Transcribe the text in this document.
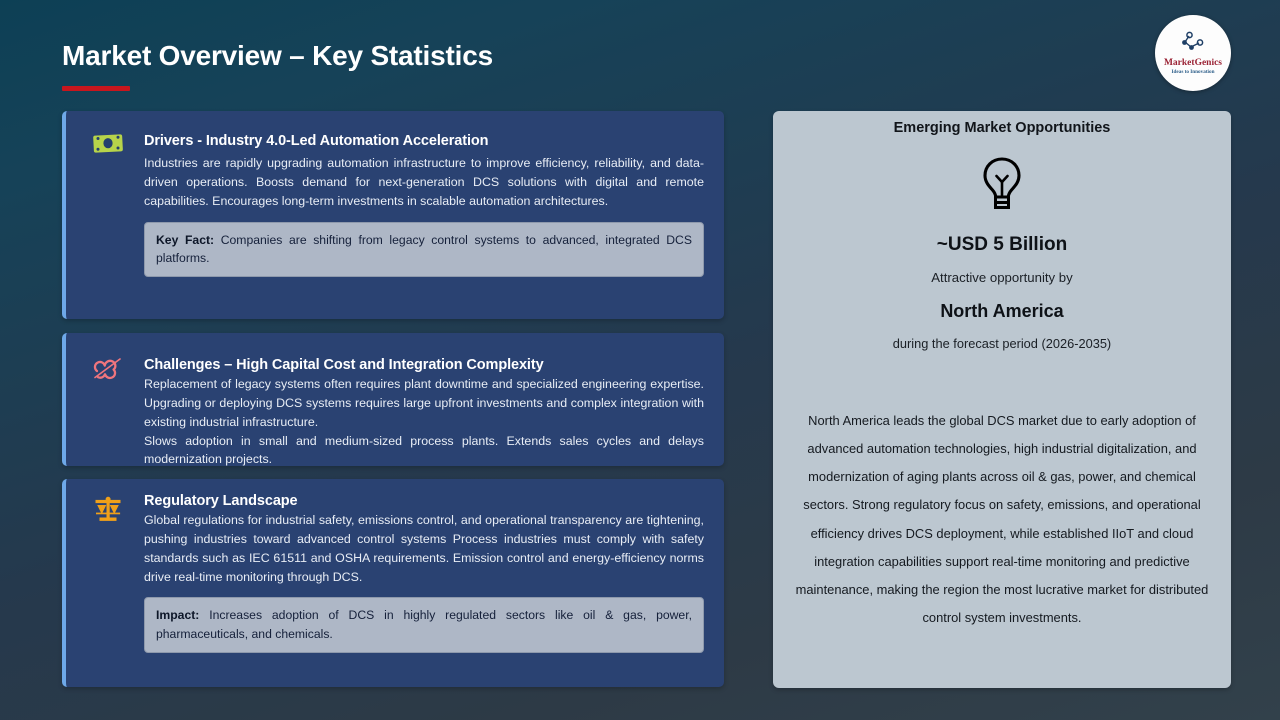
Market Overview – Key Statistics	MarketGenics
Ideas to Innovation
Drivers - Industry 4.0-Led Automation Acceleration
Industries are rapidly upgrading automation infrastructure to improve efficiency, reliability, and data-driven operations. Boosts demand for next-generation DCS solutions with digital and remote capabilities. Encourages long-term investments in scalable automation architectures.
Key Fact: Companies are shifting from legacy control systems to advanced, integrated DCS platforms.
Challenges – High Capital Cost and Integration Complexity
Replacement of legacy systems often requires plant downtime and specialized engineering expertise. Upgrading or deploying DCS systems requires large upfront investments and complex integration with existing industrial infrastructure.
Slows adoption in small and medium-sized process plants. Extends sales cycles and delays modernization projects.
Regulatory Landscape
Global regulations for industrial safety, emissions control, and operational transparency are tightening, pushing industries toward advanced control systems Process industries must comply with safety standards such as IEC 61511 and OSHA requirements. Emission control and energy-efficiency norms drive real-time monitoring through DCS.
Impact: Increases adoption of DCS in highly regulated sectors like oil & gas, power, pharmaceuticals, and chemicals.
Emerging Market Opportunities
~USD 5 Billion
Attractive opportunity by
North America
during the forecast period (2026-2035)
North America leads the global DCS market due to early adoption of advanced automation technologies, high industrial digitalization, and modernization of aging plants across oil & gas, power, and chemical sectors. Strong regulatory focus on safety, emissions, and operational efficiency drives DCS deployment, while established IIoT and cloud integration capabilities support real-time monitoring and predictive maintenance, making the region the most lucrative market for distributed control system investments.
